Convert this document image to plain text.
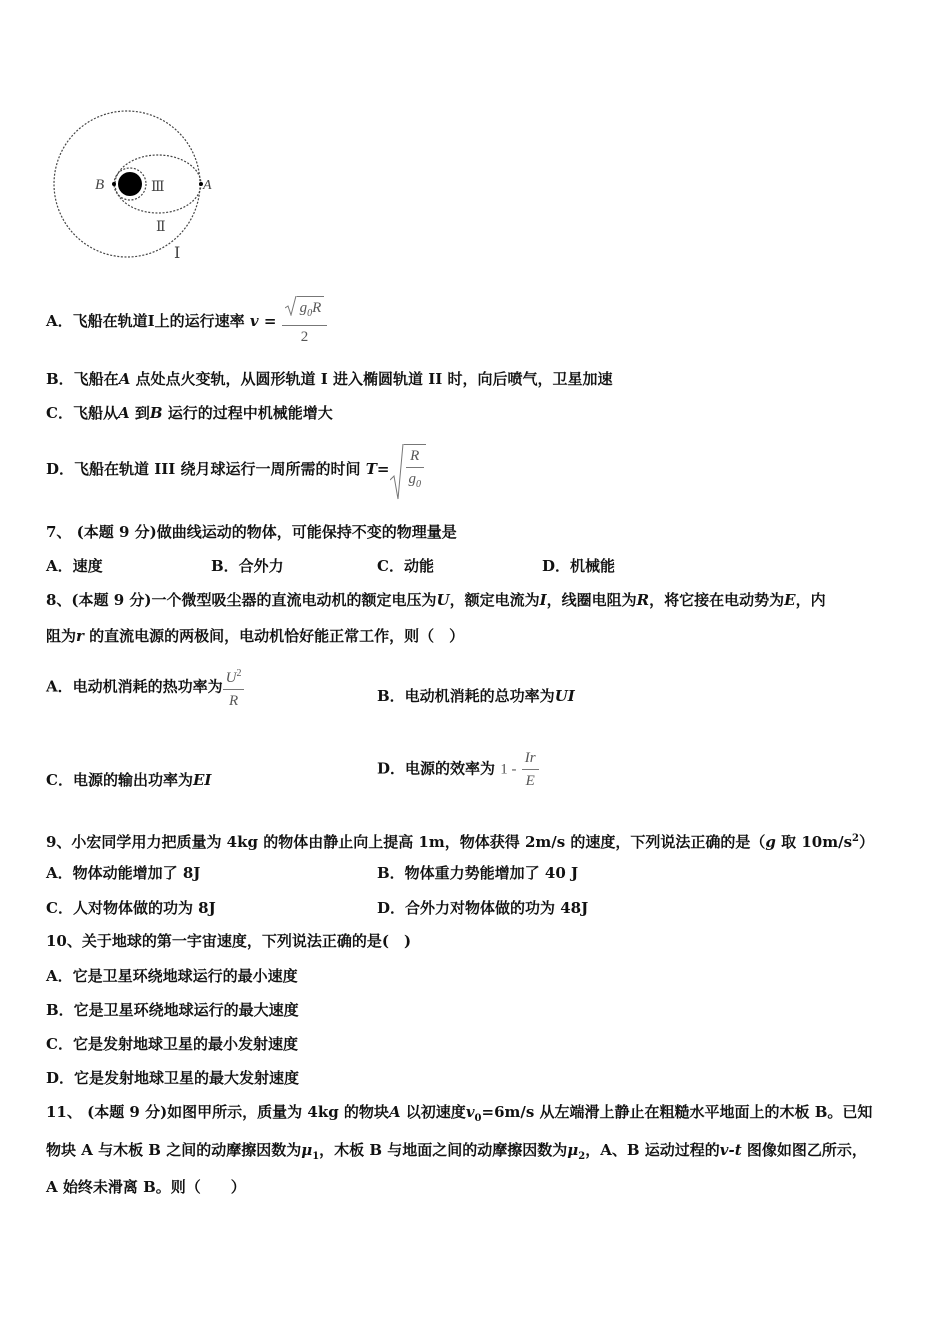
B	A
Ⅲ
Ⅱ
Ⅰ
A．飞船在轨道I上的运行速率 $v = \frac{g_0R}{2}$
B．飞船在A 点处点火变轨，从圆形轨道 I 进入椭圆轨道 II 时，向后喷气，卫星加速
C．飞船从A 到B 运行的过程中机械能增大
D．飞船在轨道 III 绕月球运行一周所需的时间 $T= \frac{R}{g_0}$
7、 (本题 9 分)做曲线运动的物体，可能保持不变的物理量是
A．速度	B．合外力	C．动能	D．机械能
8、(本题 9 分)一个微型吸尘器的直流电动机的额定电压为U，额定电流为I，线圈电阻为R，将它接在电动势为E，内
阻为r 的直流电源的两极间，电动机恰好能正常工作，则（　）
A．电动机消耗的热功率为 $\frac{U^2}{R}$	B．电动机消耗的总功率为UI
C．电源的输出功率为EI
D．电源的效率为 $1 - \frac{Ir}{E}$
9、小宏同学用力把质量为 4kg 的物体由静止向上提高 1m，物体获得 2m/s 的速度，下列说法正确的是（g 取 $10m/s^2$）
A．物体动能增加了 8J	B．物体重力势能增加了 40 J
C．人对物体做的功为 8J	D．合外力对物体做的功为 48J
10、关于地球的第一宇宙速度，下列说法正确的是(　)
A．它是卫星环绕地球运行的最小速度
B．它是卫星环绕地球运行的最大速度
C．它是发射地球卫星的最小发射速度
D．它是发射地球卫星的最大发射速度
11、 (本题 9 分)如图甲所示，质量为 4kg 的物块A 以初速度$v_0=6m/s$ 从左端滑上静止在粗糙水平地面上的木板 B。已知
物块 A 与木板 B 之间的动摩擦因数为$\mu_1$，木板 B 与地面之间的动摩擦因数为$\mu_2$，A、B 运动过程的v-t 图像如图乙所示，
A 始终未滑离 B。则（　　）
